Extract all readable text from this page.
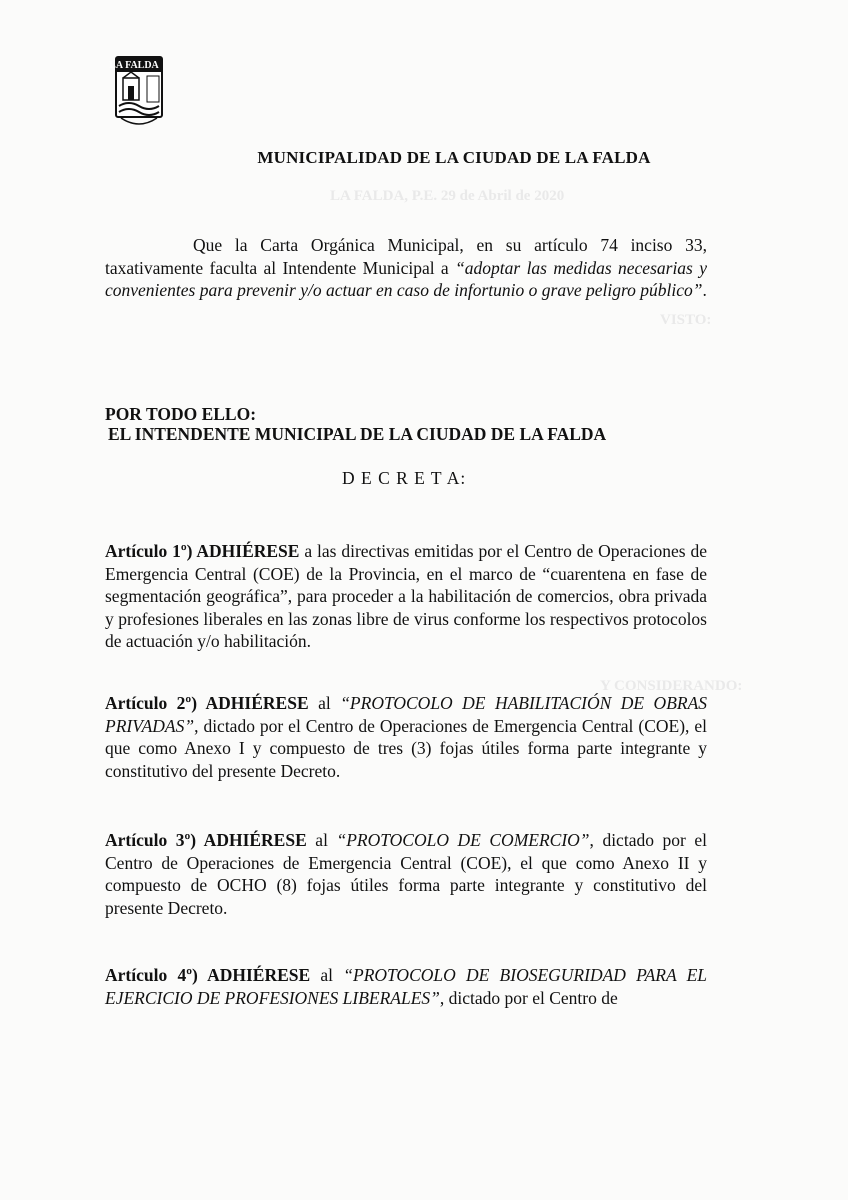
LA FALDA, P.E. 29 de Abril de 2020
VISTO:
Y CONSIDERANDO:
LA FALDA
MUNICIPALIDAD DE LA CIUDAD DE LA FALDA
Que la Carta Orgánica Municipal, en su artículo 74 inciso 33, taxativamente faculta al Intendente Municipal a “adoptar las medidas necesarias y convenientes para prevenir y/o actuar en caso de infortunio o grave peligro público”.
POR TODO ELLO:
EL INTENDENTE MUNICIPAL DE LA CIUDAD DE LA FALDA
D E C R E T A:
Artículo 1º) ADHIÉRESE a las directivas emitidas por el Centro de Operaciones de Emergencia Central (COE) de la Provincia, en el marco de “cuarentena en fase de segmentación geográfica”, para proceder a la habilitación de comercios, obra privada y profesiones liberales en las zonas libre de virus conforme los respectivos protocolos de actuación y/o habilitación.
Artículo 2º) ADHIÉRESE al “PROTOCOLO DE HABILITACIÓN DE OBRAS PRIVADAS”, dictado por el Centro de Operaciones de Emergencia Central (COE), el que como Anexo I y compuesto de tres (3) fojas útiles forma parte integrante y constitutivo del presente Decreto.
Artículo 3º) ADHIÉRESE al “PROTOCOLO DE COMERCIO”, dictado por el Centro de Operaciones de Emergencia Central (COE), el que como Anexo II y compuesto de OCHO (8) fojas útiles forma parte integrante y constitutivo del presente Decreto.
Artículo 4º) ADHIÉRESE al “PROTOCOLO DE BIOSEGURIDAD PARA EL EJERCICIO DE PROFESIONES LIBERALES”, dictado por el Centro de
